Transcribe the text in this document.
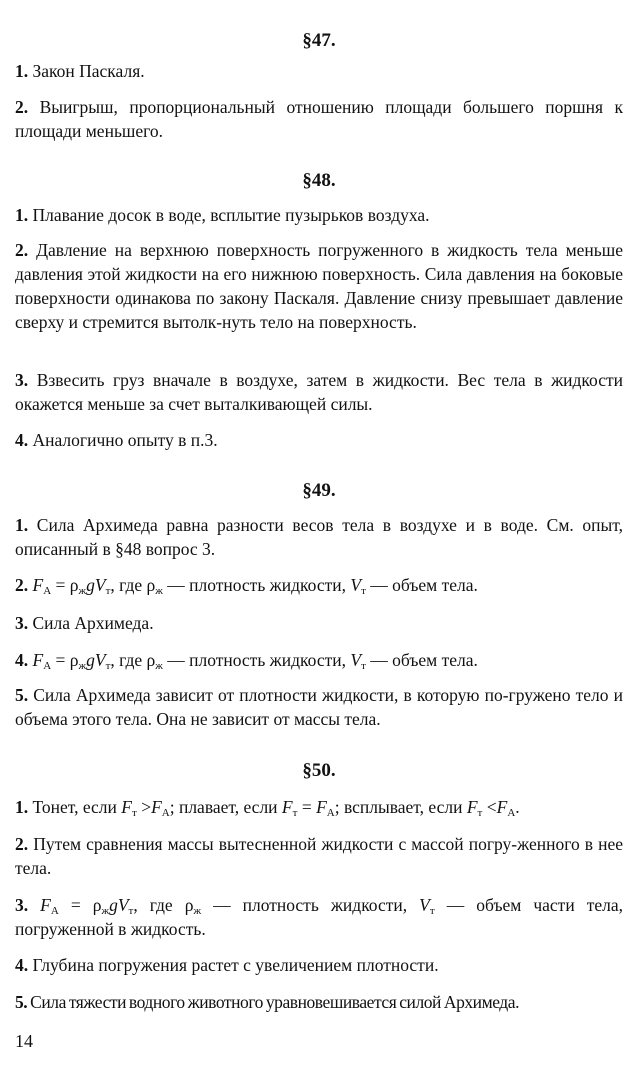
§47.
1. Закон Паскаля.
2. Выигрыш, пропорциональный отношению площади большего поршня к площади меньшего.
§48.
1. Плавание досок в воде, всплытие пузырьков воздуха.
2. Давление на верхнюю поверхность погруженного в жидкость тела меньше давления этой жидкости на его нижнюю поверхность. Сила давления на боковые поверхности одинакова по закону Паскаля. Давление снизу превышает давление сверху и стремится вытолк-нуть тело на поверхность.
3. Взвесить груз вначале в воздухе, затем в жидкости. Вес тела в жидкости окажется меньше за счет выталкивающей силы.
4. Аналогично опыту в п.3.
§49.
1. Сила Архимеда равна разности весов тела в воздухе и в воде. См. опыт, описанный в §48 вопрос 3.
2. $F_А = \rho_жgV_т$, где $\rho_ж$ — плотность жидкости, $V_т$ — объем тела.
3. Сила Архимеда.
4. $F_А = \rho_жgV_т$, где $\rho_ж$ — плотность жидкости, $V_т$ — объем тела.
5. Сила Архимеда зависит от плотности жидкости, в которую по-гружено тело и объема этого тела. Она не зависит от массы тела.
§50.
1. Тонет, если $F_т >F_А$; плавает, если $F_т = F_А$; всплывает, если $F_т <F_А$.
2. Путем сравнения массы вытесненной жидкости с массой погру-женного в нее тела.
3. $F_А = \rho_жgV_т$, где $\rho_ж$ — плотность жидкости, $V_т$ — объем части тела, погруженной в жидкость.
4. Глубина погружения растет с увеличением плотности.
5. Сила тяжести водного животного уравновешивается силой Архимеда.
14
